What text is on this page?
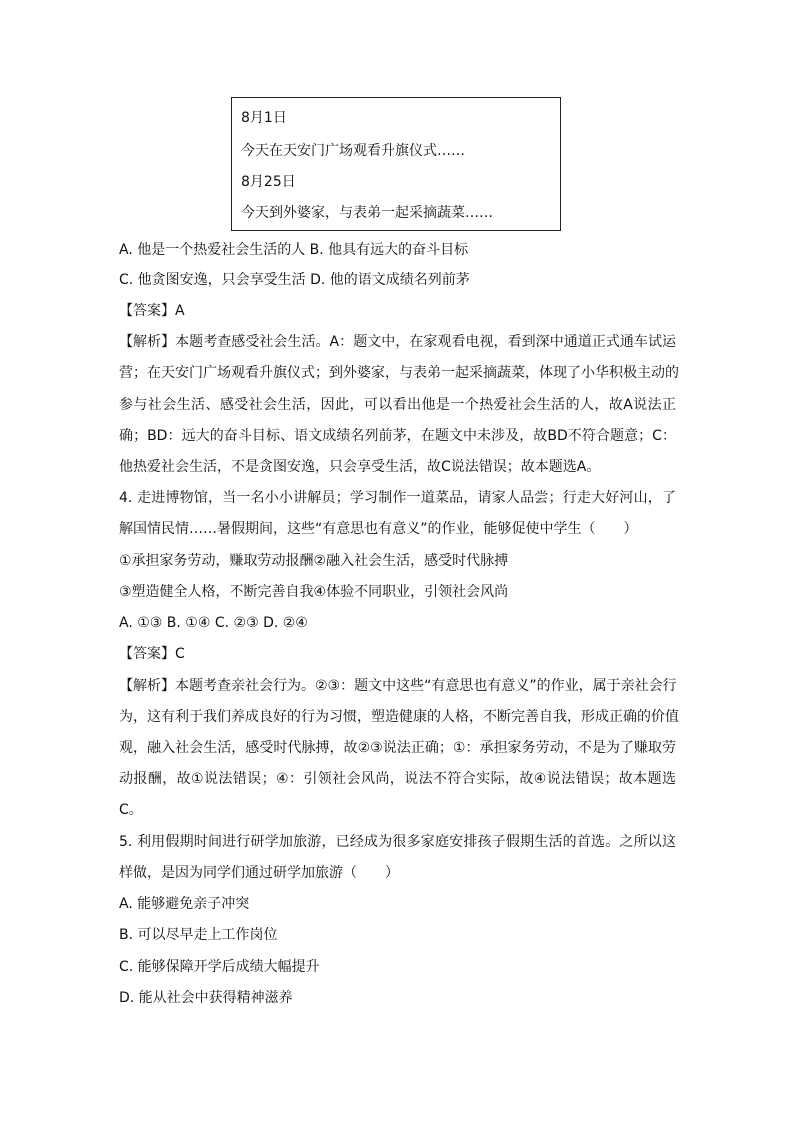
8月1日
今天在天安门广场观看升旗仪式……
8月25日
今天到外婆家，与表弟一起采摘蔬菜……
A. 他是一个热爱社会生活的人 B. 他具有远大的奋斗目标
C. 他贪图安逸，只会享受生活 D. 他的语文成绩名列前茅
【答案】A
【解析】本题考查感受社会生活。A：题文中，在家观看电视，看到深中通道正式通车试运
营；在天安门广场观看升旗仪式；到外婆家，与表弟一起采摘蔬菜，体现了小华积极主动的
参与社会生活、感受社会生活，因此，可以看出他是一个热爱社会生活的人，故A说法正
确；BD：远大的奋斗目标、语文成绩名列前茅，在题文中未涉及，故BD不符合题意；C：
他热爱社会生活，不是贪图安逸，只会享受生活，故C说法错误；故本题选A。
4. 走进博物馆，当一名小小讲解员；学习制作一道菜品，请家人品尝；行走大好河山，了
解国情民情……暑假期间，这些“有意思也有意义”的作业，能够促使中学生（　　）
①承担家务劳动，赚取劳动报酬②融入社会生活，感受时代脉搏
③塑造健全人格，不断完善自我④体验不同职业，引领社会风尚
A. ①③ B. ①④ C. ②③ D. ②④
【答案】C
【解析】本题考查亲社会行为。②③：题文中这些“有意思也有意义”的作业，属于亲社会行
为，这有利于我们养成良好的行为习惯，塑造健康的人格，不断完善自我，形成正确的价值
观，融入社会生活，感受时代脉搏，故②③说法正确；①：承担家务劳动，不是为了赚取劳
动报酬，故①说法错误；④：引领社会风尚，说法不符合实际，故④说法错误；故本题选
C。
5. 利用假期时间进行研学加旅游，已经成为很多家庭安排孩子假期生活的首选。之所以这
样做，是因为同学们通过研学加旅游（　　）
A. 能够避免亲子冲突
B. 可以尽早走上工作岗位
C. 能够保障开学后成绩大幅提升
D. 能从社会中获得精神滋养
